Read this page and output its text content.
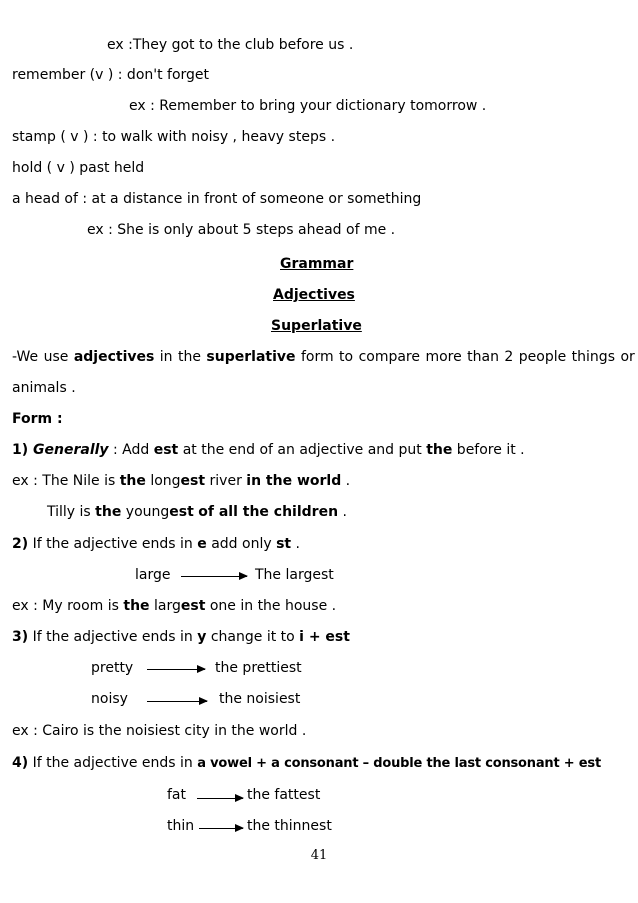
ex :They got to the club before us .
remember (v ) : don't forget
ex : Remember to bring your dictionary tomorrow .
stamp ( v ) : to walk with noisy , heavy steps .
hold ( v ) past held
a head of : at a distance in front of someone or something
ex : She is only about 5 steps ahead of me .
Grammar
Adjectives
Superlative
-We use adjectives in the superlative form to compare more than 2 people things or
animals .
Form :
1) Generally : Add est at the end of an adjective and put the before it .
ex : The Nile is the longest river in the world .
Tilly is the youngest of all the children .
2) If the adjective ends in e add only st .
large	The largest
ex : My room is the largest one in the house .
3) If the adjective ends in y change it to i + est
pretty	the prettiest
noisy	the noisiest
ex : Cairo is the noisiest city in the world .
4) If the adjective ends in a vowel + a consonant – double the last consonant + est
fat	the fattest
thin	the thinnest
41
